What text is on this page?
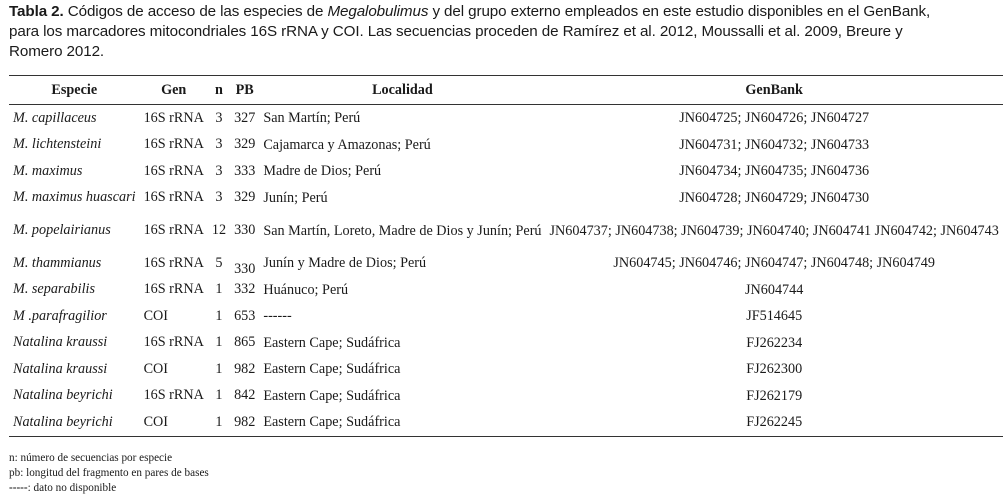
Tabla 2. Códigos de acceso de las especies de Megalobulimus y del grupo externo empleados en este estudio disponibles en el GenBank, para los marcadores mitocondriales 16S rRNA y COI. Las secuencias proceden de Ramírez et al. 2012, Moussalli et al. 2009, Breure y Romero 2012.
Especie	Gen	n	PB	Localidad	GenBank
M. capillaceus	16S rRNA	3	327	San Martín; Perú	JN604725; JN604726; JN604727
M. lichtensteini	16S rRNA	3	329	Cajamarca y Amazonas; Perú	JN604731; JN604732; JN604733
M. maximus	16S rRNA	3	333	Madre de Dios; Perú	JN604734; JN604735; JN604736
M. maximus huascari	16S rRNA	3	329	Junín; Perú	JN604728; JN604729; JN604730
M. popelairianus	16S rRNA	12	330	San Martín, Loreto, Madre de Dios y Junín; Perú	JN604737; JN604738; JN604739; JN604740; JN604741 JN604742; JN604743
M. thammianus	16S rRNA	5	330	Junín y Madre de Dios; Perú	JN604745; JN604746; JN604747; JN604748; JN604749
M. separabilis	16S rRNA	1	332	Huánuco; Perú	JN604744
M .parafragilior	COI	1	653	------	JF514645
Natalina kraussi	16S rRNA	1	865	Eastern Cape; Sudáfrica	FJ262234
Natalina kraussi	COI	1	982	Eastern Cape; Sudáfrica	FJ262300
Natalina beyrichi	16S rRNA	1	842	Eastern Cape; Sudáfrica	FJ262179
Natalina beyrichi	COI	1	982	Eastern Cape; Sudáfrica	FJ262245
n: número de secuencias por especie
pb: longitud del fragmento en pares de bases
-----: dato no disponible
